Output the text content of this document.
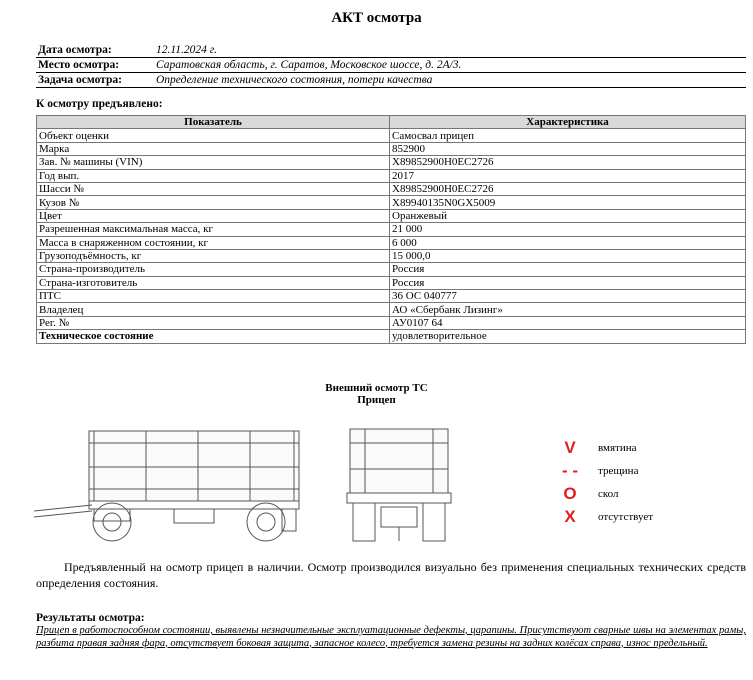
АКТ осмотра
Дата осмотра:	12.11.2024 г.
Место осмотра:	Саратовская область, г. Саратов, Московское шоссе, д. 2А/3.
Задача осмотра:	Определение технического состояния, потери качества
К осмотру предъявлено:
Показатель	Характеристика
Объект оценки	Самосвал прицеп
Марка	852900
Зав. № машины (VIN)	X89852900H0EC2726
Год вып.	2017
Шасси №	X89852900H0EC2726
Кузов №	X89940135N0GX5009
Цвет	Оранжевый
Разрешенная максимальная масса, кг	21 000
Масса в снаряженном состоянии, кг	6 000
Грузоподъёмность, кг	15 000,0
Страна-производитель	Россия
Страна-изготовитель	Россия
ПТС	36 ОС 040777
Владелец	АО «Сбербанк Лизинг»
Рег. №	АУ0107 64
Техническое состояние	удовлетворительное
Внешний осмотр ТС
Прицеп
V	вмятина
- -	трещина
O	скол
X	отсутствует

Предъявленный на осмотр прицеп в наличии. Осмотр производился визуально без применения специальных технических средств определения состояния.

Результаты осмотра:

Прицеп в работоспособном состоянии, выявлены незначительные эксплуатационные дефекты, царапины. Присутствуют сварные швы на элементах рамы, разбита правая задняя фара, отсутствует боковая защита, запасное колесо, требуется замена резины на задних колёсах справа, износ предельный.
